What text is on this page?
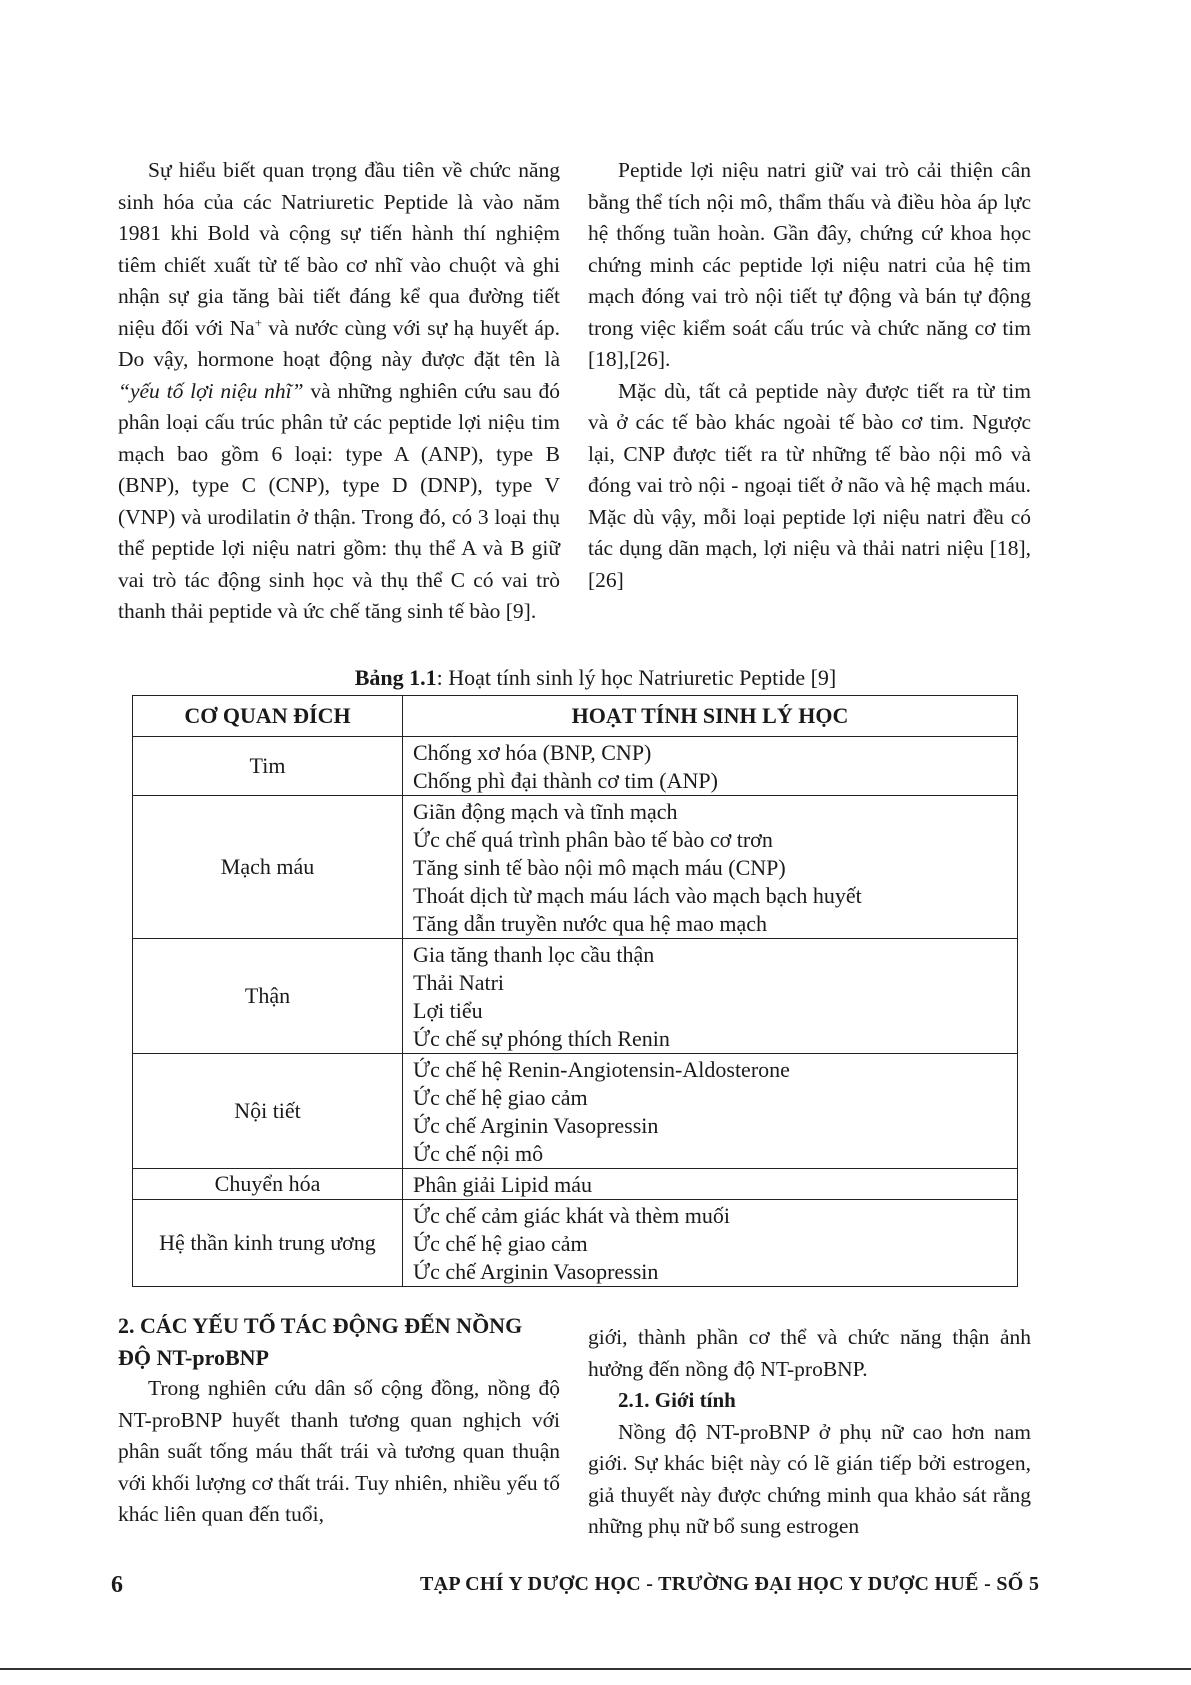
Sự hiểu biết quan trọng đầu tiên về chức năng sinh hóa của các Natriuretic Peptide là vào năm 1981 khi Bold và cộng sự tiến hành thí nghiệm tiêm chiết xuất từ tế bào cơ nhĩ vào chuột và ghi nhận sự gia tăng bài tiết đáng kể qua đường tiết niệu đối với Na+ và nước cùng với sự hạ huyết áp. Do vậy, hormone hoạt động này được đặt tên là “yếu tố lợi niệu nhĩ” và những nghiên cứu sau đó phân loại cấu trúc phân tử các peptide lợi niệu tim mạch bao gồm 6 loại: type A (ANP), type B (BNP), type C (CNP), type D (DNP), type V (VNP) và urodilatin ở thận. Trong đó, có 3 loại thụ thể peptide lợi niệu natri gồm: thụ thể A và B giữ vai trò tác động sinh học và thụ thể C có vai trò thanh thải peptide và ức chế tăng sinh tế bào [9].

Peptide lợi niệu natri giữ vai trò cải thiện cân bằng thể tích nội mô, thẩm thấu và điều hòa áp lực hệ thống tuần hoàn. Gần đây, chứng cứ khoa học chứng minh các peptide lợi niệu natri của hệ tim mạch đóng vai trò nội tiết tự động và bán tự động trong việc kiểm soát cấu trúc và chức năng cơ tim [18],[26].

Mặc dù, tất cả peptide này được tiết ra từ tim và ở các tế bào khác ngoài tế bào cơ tim. Ngược lại, CNP được tiết ra từ những tế bào nội mô và đóng vai trò nội - ngoại tiết ở não và hệ mạch máu. Mặc dù vậy, mỗi loại peptide lợi niệu natri đều có tác dụng dãn mạch, lợi niệu và thải natri niệu [18],[26]

Bảng 1.1: Hoạt tính sinh lý học Natriuretic Peptide [9]
CƠ QUAN ĐÍCH	HOẠT TÍNH SINH LÝ HỌC
Tim	Chống xơ hóa (BNP, CNP)
Chống phì đại thành cơ tim (ANP)

Mạch máu	Giãn động mạch và tĩnh mạch
Ức chế quá trình phân bào tế bào cơ trơn
Tăng sinh tế bào nội mô mạch máu (CNP)
Thoát dịch từ mạch máu lách vào mạch bạch huyết
Tăng dẫn truyền nước qua hệ mao mạch

Thận	Gia tăng thanh lọc cầu thận
Thải Natri
Lợi tiểu
Ức chế sự phóng thích Renin

Nội tiết	Ức chế hệ Renin-Angiotensin-Aldosterone
Ức chế hệ giao cảm
Ức chế Arginin Vasopressin
Ức chế nội mô

Chuyển hóa	Phân giải Lipid máu

Hệ thần kinh trung ương	Ức chế cảm giác khát và thèm muối
Ức chế hệ giao cảm
Ức chế Arginin Vasopressin

2. CÁC YẾU TỐ TÁC ĐỘNG ĐẾN NỒNG ĐỘ NT-proBNP

Trong nghiên cứu dân số cộng đồng, nồng độ NT-proBNP huyết thanh tương quan nghịch với phân suất tống máu thất trái và tương quan thuận với khối lượng cơ thất trái. Tuy nhiên, nhiều yếu tố khác liên quan đến tuổi,

giới, thành phần cơ thể và chức năng thận ảnh hưởng đến nồng độ NT-proBNP.

2.1. Giới tính

Nồng độ NT-proBNP ở phụ nữ cao hơn nam giới. Sự khác biệt này có lẽ gián tiếp bởi estrogen, giả thuyết này được chứng minh qua khảo sát rằng những phụ nữ bổ sung estrogen

6	TẠP CHÍ Y DƯỢC HỌC - TRƯỜNG ĐẠI HỌC Y DƯỢC HUẾ - SỐ 5
